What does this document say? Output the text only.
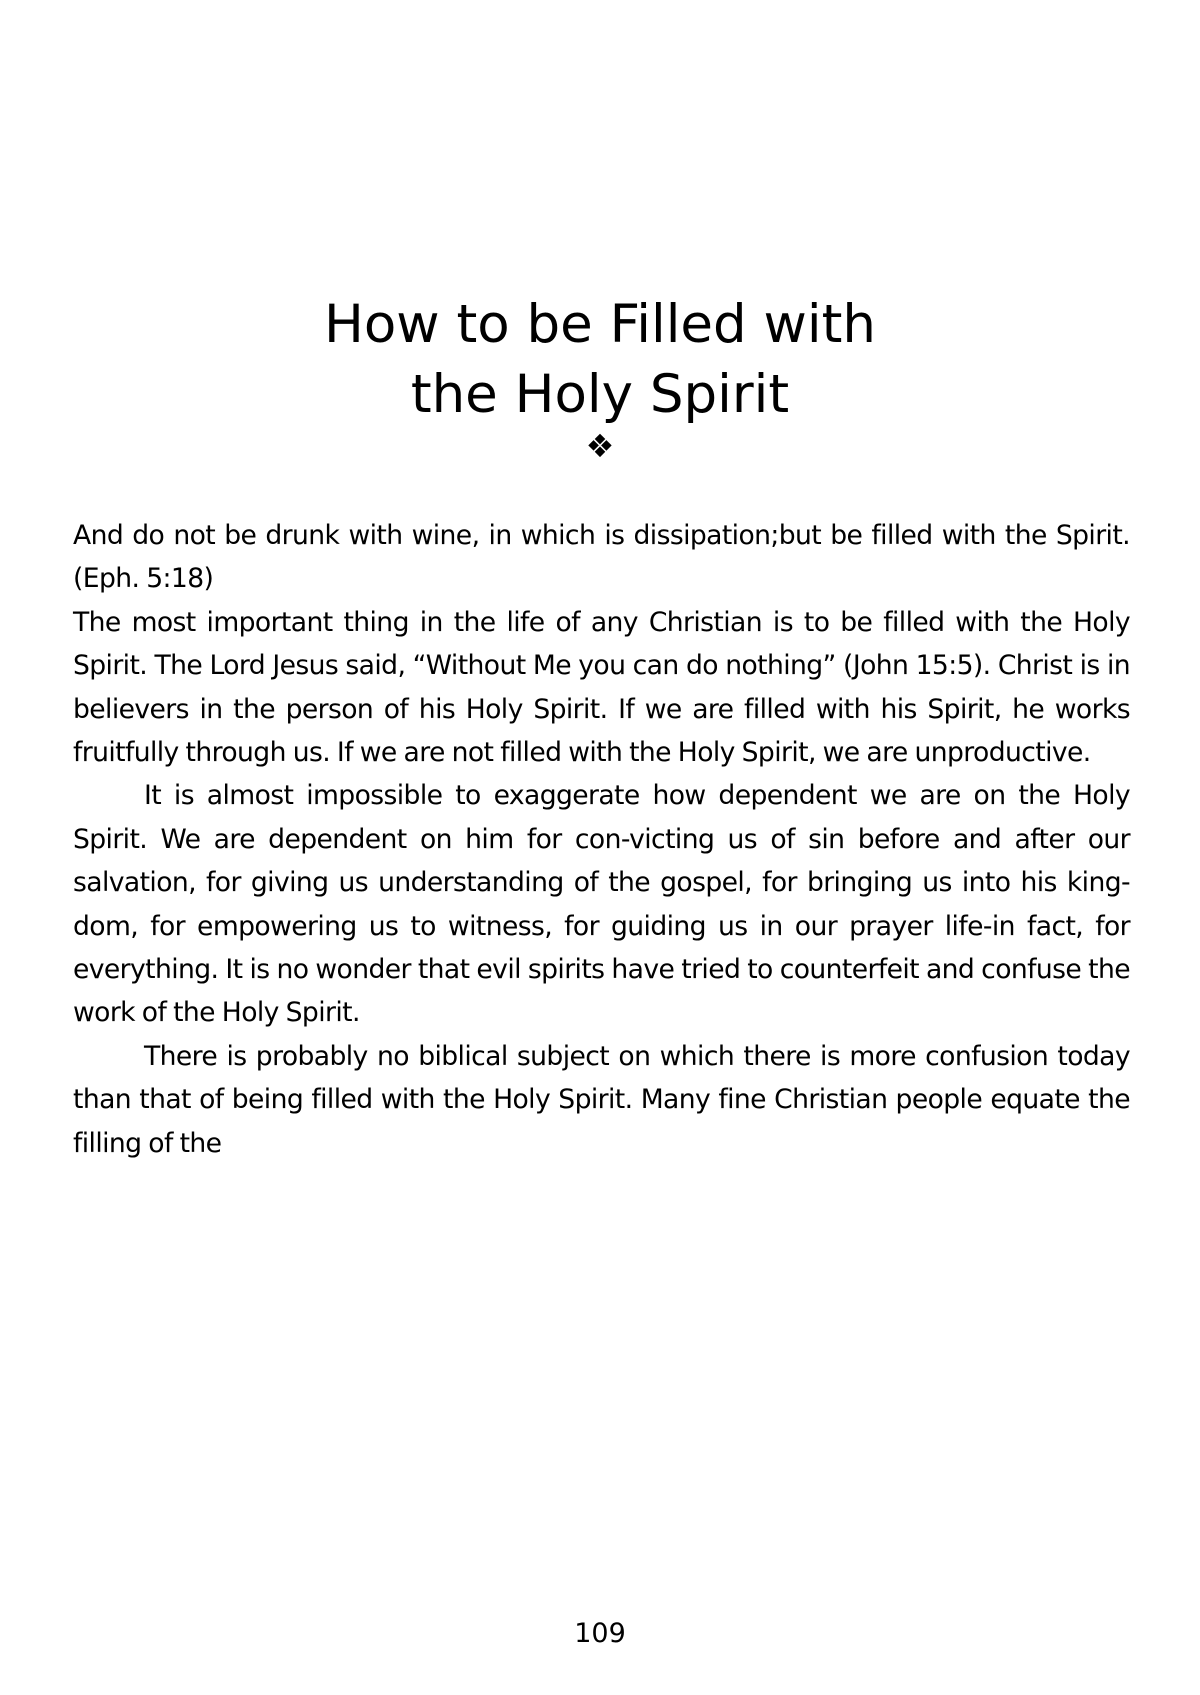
How to be Filled with
the Holy Spirit
❖

And do not be drunk with wine, in which is dissipation;but be filled with the Spirit. (Eph. 5:18)

The most important thing in the life of any Christian is to be filled with the Holy Spirit. The Lord Jesus said, “Without Me you can do nothing” (John 15:5). Christ is in believers in the person of his Holy Spirit. If we are filled with his Spirit, he works fruitfully through us. If we are not filled with the Holy Spirit, we are unproductive.

It is almost impossible to exaggerate how dependent we are on the Holy Spirit. We are dependent on him for con-victing us of sin before and after our salvation, for giving us understanding of the gospel, for bringing us into his king-dom, for empowering us to witness, for guiding us in our prayer life-in fact, for everything. It is no wonder that evil spirits have tried to counterfeit and confuse the work of the Holy Spirit.

There is probably no biblical subject on which there is more confusion today than that of being filled with the Holy Spirit. Many fine Christian people equate the filling of the

109
